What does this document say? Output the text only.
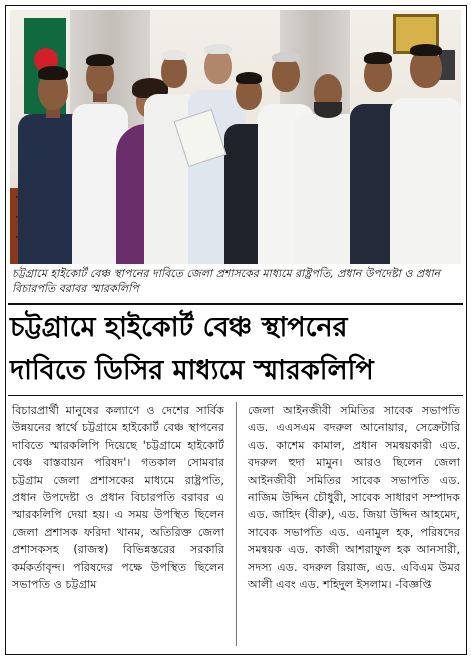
চট্টগ্রামে হাইকোর্ট বেঞ্চ স্থাপনের দাবিতে জেলা প্রশাসকের মাধ্যমে রাষ্ট্রপতি, প্রধান উপদেষ্টা ও প্রধান বিচারপতি বরাবর স্মারকলিপি
চট্টগ্রামে হাইকোর্ট বেঞ্চ স্থাপনের
দাবিতে ডিসির মাধ্যমে স্মারকলিপি
বিচারপ্রার্থী মানুষের কল্যাণে ও দেশের সার্বিক উন্নয়নের স্বার্থে চট্টগ্রামে হাইকোর্ট বেঞ্চ স্থাপনের দাবিতে স্মারকলিপি দিয়েছে 'চট্টগ্রামে হাইকোর্ট বেঞ্চ বাস্তবায়ন পরিষদ'। গতকাল সোমবার চট্টগ্রাম জেলা প্রশাসকের মাধ্যমে রাষ্ট্রপতি, প্রধান উপদেষ্টা ও প্রধান বিচারপতি বরাবর এ স্মারকলিপি দেয়া হয়। এ সময় উপস্থিত ছিলেন জেলা প্রশাসক ফরিদা খানম, অতিরিক্ত জেলা প্রশাসকসহ (রাজস্ব) বিভিন্নস্তরের সরকারি কর্মকর্তাবৃন্দ। পরিষদের পক্ষে উপস্থিত ছিলেন সভাপতি ও চট্টগ্রাম
জেলা আইনজীবী সমিতির সাবেক সভাপতি এড. এএসএম বদরুল আনোয়ার, সেক্রেটারি এড. কাশেম কামাল, প্রধান সমন্বয়কারী এড. বদরুল হুদা মামুন। আরও ছিলেন জেলা আইনজীবী সমিতির সাবেক সভাপতি এড. নাজিম উদ্দিন চৌধুরী, সাবেক সাধারণ সম্পাদক এড. জাহিদ (বীরু), এড. জিয়া উদ্দিন আহমেদ, সাবেক সভাপতি এড. এনামুল হক, পরিষদের সমন্বয়ক এড. কাজী আশরাফুল হক আনসারী, সদস্য এড. বদরুল রিয়াজ, এড. এবিএম উমর আলী এবং এড. শহিদুল ইসলাম। -বিজ্ঞপ্তি
